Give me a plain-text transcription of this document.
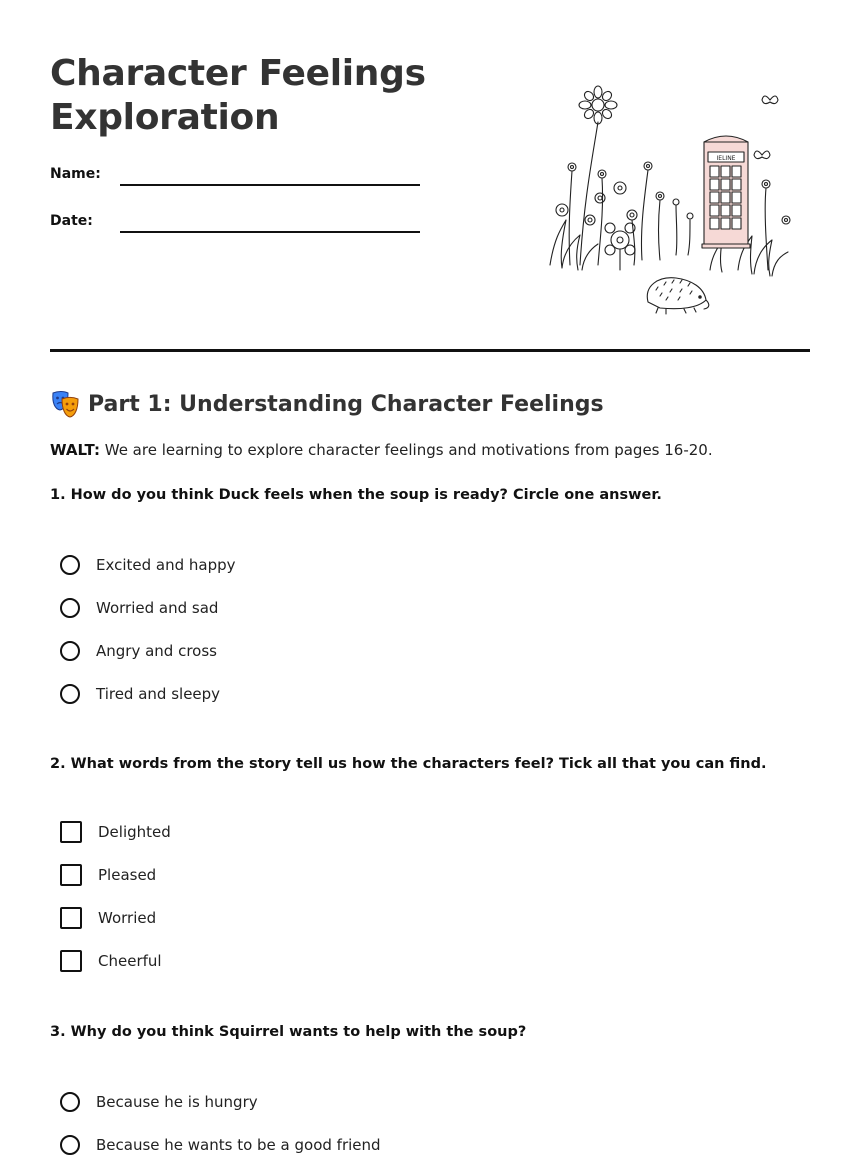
Character Feelings Exploration
Name:
Date:
IELINE
Part 1: Understanding Character Feelings
WALT: We are learning to explore character feelings and motivations from pages 16-20.
1. How do you think Duck feels when the soup is ready? Circle one answer.
Excited and happy
Worried and sad
Angry and cross
Tired and sleepy
2. What words from the story tell us how the characters feel? Tick all that you can find.
Delighted
Pleased
Worried
Cheerful
3. Why do you think Squirrel wants to help with the soup?
Because he is hungry
Because he wants to be a good friend
